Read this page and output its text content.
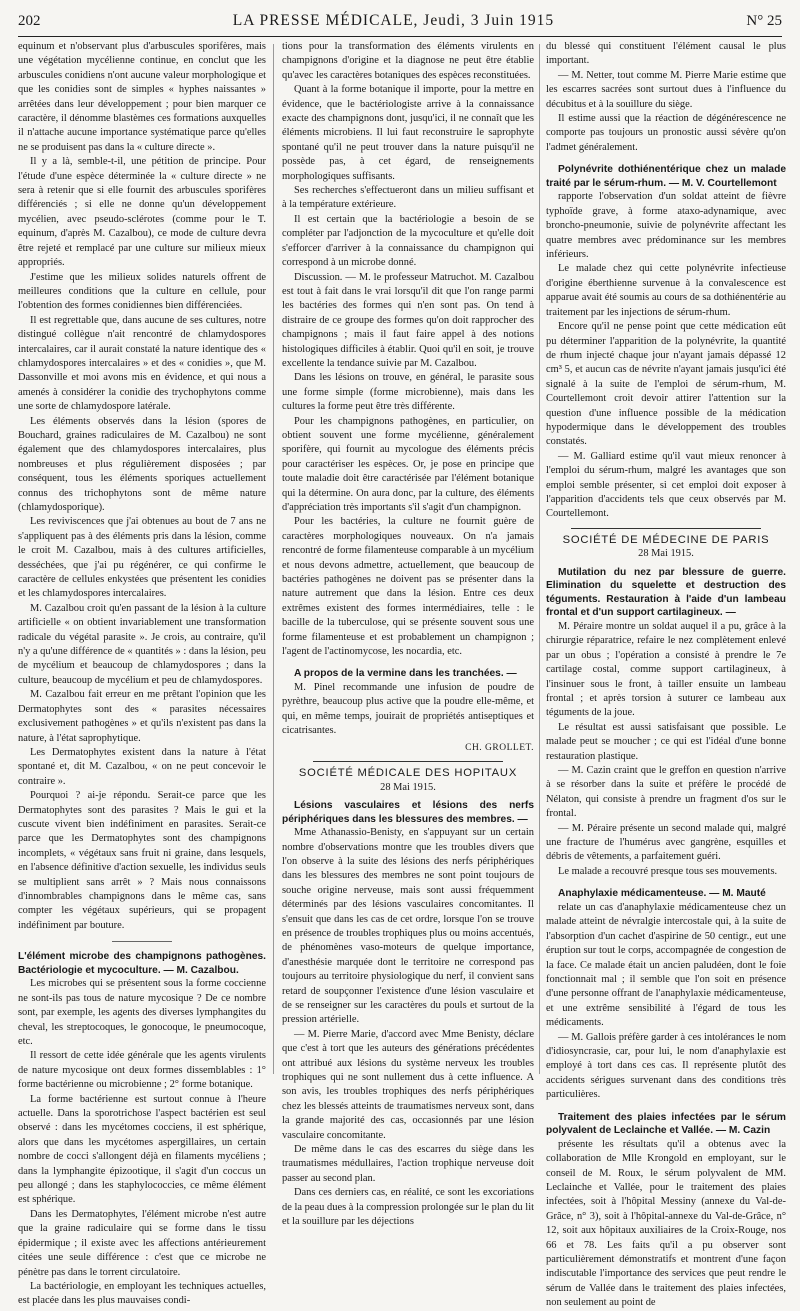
202	LA PRESSE MÉDICALE, Jeudi, 3 Juin 1915	N° 25

equinum et n'observant plus d'arbuscules sporifères, mais une végétation mycélienne continue, en conclut que les arbuscules conidiens n'ont aucune valeur morphologique et que les conidies sont de simples « hyphes naissantes » arrêtées dans leur développement ; pour bien marquer ce caractère, il dénomme blastèmes ces formations auxquelles il n'attache aucune importance systématique parce qu'elles ne se produisent pas dans la « culture directe ».

Il y a là, semble-t-il, une pétition de principe. Pour l'étude d'une espèce déterminée la « culture directe » ne sera à retenir que si elle fournit des arbuscules sporifères différenciés ; si elle ne donne qu'un développement mycélien, avec pseudo-sclérotes (comme pour le T. equinum, d'après M. Cazalbou), ce mode de culture devra être rejeté et remplacé par une culture sur milieux mieux appropriés.

J'estime que les milieux solides naturels offrent de meilleures conditions que la culture en cellule, pour l'obtention des formes conidiennes bien différenciées.

Il est regrettable que, dans aucune de ses cultures, notre distingué collègue n'ait rencontré de chlamydospores intercalaires, car il aurait constaté la nature identique des « chlamydospores intercalaires » et des « conidies », que M. Dassonville et moi avons mis en évidence, et qui nous a amenés à considérer la conidie des trychophytons comme une sorte de chlamydospore latérale.

Les éléments observés dans la lésion (spores de Bouchard, graines radiculaires de M. Cazalbou) ne sont également que des chlamydospores intercalaires, plus nombreuses et plus régulièrement disposées ; par conséquent, tous les éléments sporiques actuellement connus des trichophytons sont de même nature (chlamydosporique).

Les reviviscences que j'ai obtenues au bout de 7 ans ne s'appliquent pas à des éléments pris dans la lésion, comme le croit M. Cazalbou, mais à des cultures artificielles, desséchées, que j'ai pu régénérer, ce qui confirme le caractère de cellules enkystées que présentent les conidies et les chlamydospores intercalaires.

M. Cazalbou croit qu'en passant de la lésion à la culture artificielle « on obtient invariablement une transformation radicale du végétal parasite ». Je crois, au contraire, qu'il n'y a qu'une différence de « quantités » : dans la lésion, peu de mycélium et beaucoup de chlamydospores ; dans la culture, beaucoup de mycélium et peu de chlamydospores.

M. Cazalbou fait erreur en me prêtant l'opinion que les Dermatophytes sont des « parasites nécessaires exclusivement pathogènes » et qu'ils n'existent pas dans la nature, à l'état saprophytique.

Les Dermatophytes existent dans la nature à l'état spontané et, dit M. Cazalbou, « on ne peut concevoir le contraire ».

Pourquoi ? ai-je répondu. Serait-ce parce que les Dermatophytes sont des parasites ? Mais le gui et la cuscute vivent bien indéfiniment en parasites. Serait-ce parce que les Dermatophytes sont des champignons incomplets, « végétaux sans fruit ni graine, dans lesquels, en l'absence définitive d'action sexuelle, les individus seuls se multiplient sans arrêt » ? Mais nous connaissons d'innombrables champignons dans le même cas, sans compter les végétaux supérieurs, qui se propagent indéfiniment par bouture.

L'élément microbe des champignons pathogènes. Bactériologie et mycoculture. — M. Cazalbou.

Les microbes qui se présentent sous la forme coccienne ne sont-ils pas tous de nature mycosique ? De ce nombre sont, par exemple, les agents des diverses lymphangites du cheval, les streptocoques, le gonocoque, le pneumocoque, etc.

Il ressort de cette idée générale que les agents virulents de nature mycosique ont deux formes dissemblables : 1° forme bactérienne ou microbienne ; 2° forme botanique.

La forme bactérienne est surtout connue à l'heure actuelle. Dans la sporotrichose l'aspect bactérien est seul observé : dans les mycétomes cocciens, il est sphérique, alors que dans les mycétomes aspergillaires, un certain nombre de cocci s'allongent déjà en filaments mycéliens ; dans la lymphangite épizootique, il s'agit d'un coccus un peu allongé ; dans les staphylococcies, ce même élément est sphérique.

Dans les Dermatophytes, l'élément microbe n'est autre que la graine radiculaire qui se forme dans le tissu épidermique ; il existe avec les affections antérieurement citées une seule différence : c'est que ce microbe ne pénètre pas dans le torrent circulatoire.

La bactériologie, en employant les techniques actuelles, est placée dans les plus mauvaises condi-

tions pour la transformation des éléments virulents en champignons d'origine et la diagnose ne peut être établie qu'avec les caractères botaniques des espèces reconstituées.

Quant à la forme botanique il importe, pour la mettre en évidence, que le bactériologiste arrive à la connaissance exacte des champignons dont, jusqu'ici, il ne connaît que les éléments microbiens. Il lui faut reconstruire le saprophyte spontané qu'il ne peut trouver dans la nature puisqu'il ne possède pas, à cet égard, de renseignements morphologiques suffisants.

Ses recherches s'effectueront dans un milieu suffisant et à la température extérieure.

Il est certain que la bactériologie a besoin de se compléter par l'adjonction de la mycoculture et qu'elle doit s'efforcer d'arriver à la connaissance du champignon qui correspond à un microbe donné.

Discussion. — M. le professeur Matruchot. M. Cazalbou est tout à fait dans le vrai lorsqu'il dit que l'on range parmi les bactéries des formes qui n'en sont pas. On tend à distraire de ce groupe des formes qu'on doit rapprocher des champignons ; mais il faut faire appel à des notions histologiques difficiles à établir. Quoi qu'il en soit, je trouve excellente la tendance suivie par M. Cazalbou.

Dans les lésions on trouve, en général, le parasite sous une forme simple (forme microbienne), mais dans les cultures la forme peut être très différente.

Pour les champignons pathogènes, en particulier, on obtient souvent une forme mycélienne, généralement sporifère, qui fournit au mycologue des éléments précis pour caractériser les espèces. Or, je pose en principe que toute maladie doit être caractérisée par l'élément botanique qui la détermine. On aura donc, par la culture, des éléments d'appréciation très importants s'il s'agit d'un champignon.

Pour les bactéries, la culture ne fournit guère de caractères morphologiques nouveaux. On n'a jamais rencontré de forme filamenteuse comparable à un mycélium et nous devons admettre, actuellement, que beaucoup de bactéries pathogènes ne doivent pas se présenter dans la nature autrement que dans la lésion. Entre ces deux extrêmes existent des formes intermédiaires, telle : le bacille de la tuberculose, qui se présente souvent sous une forme filamenteuse et est probablement un champignon ; l'agent de l'actinomycose, les nocardia, etc.

A propos de la vermine dans les tranchées. —

M. Pinel recommande une infusion de poudre de pyrèthre, beaucoup plus active que la poudre elle-même, et qui, en même temps, jouirait de propriétés antiseptiques et cicatrisantes.

CH. GROLLET.
SOCIÉTÉ MÉDICALE DES HOPITAUX
28 Mai 1915.

Lésions vasculaires et lésions des nerfs périphériques dans les blessures des membres. —

Mme Athanassio-Benisty, en s'appuyant sur un certain nombre d'observations montre que les troubles divers que l'on observe à la suite des lésions des nerfs périphériques dans les blessures des membres ne sont point toujours de souche origine nerveuse, mais sont aussi fréquemment déterminés par des lésions vasculaires concomitantes. Il s'ensuit que dans les cas de cet ordre, lorsque l'on se trouve en présence de troubles trophiques plus ou moins accentués, de phénomènes vaso-moteurs de quelque importance, d'anesthésie marquée dont le territoire ne correspond pas toujours au territoire physiologique du nerf, il convient sans retard de soupçonner l'existence d'une lésion vasculaire et de se renseigner sur les caractères du pouls et surtout de la pression artérielle.

— M. Pierre Marie, d'accord avec Mme Benisty, déclare que c'est à tort que les auteurs des générations précédentes ont attribué aux lésions du système nerveux les troubles trophiques qui ne sont nullement dus à cette influence. A son avis, les troubles trophiques des nerfs périphériques chez les blessés atteints de traumatismes nerveux sont, dans la grande majorité des cas, occasionnés par une lésion vasculaire concomitante.

De même dans le cas des escarres du siège dans les traumatismes médullaires, l'action trophique nerveuse doit passer au second plan.

Dans ces derniers cas, en réalité, ce sont les excoriations de la peau dues à la compression prolongée sur le plan du lit et la souillure par les déjections

du blessé qui constituent l'élément causal le plus important.

— M. Netter, tout comme M. Pierre Marie estime que les escarres sacrées sont surtout dues à l'influence du décubitus et à la souillure du siège.

Il estime aussi que la réaction de dégénérescence ne comporte pas toujours un pronostic aussi sévère qu'on l'admet généralement.

Polynévrite dothiénentérique chez un malade traité par le sérum-rhum. — M. V. Courtellemont

rapporte l'observation d'un soldat atteint de fièvre typhoïde grave, à forme ataxo-adynamique, avec broncho-pneumonie, suivie de polynévrite affectant les quatre membres avec prédominance sur les membres inférieurs.

Le malade chez qui cette polynévrite infectieuse d'origine éberthienne survenue à la convalescence est apparue avait été soumis au cours de sa dothiénentérie au traitement par les injections de sérum-rhum.

Encore qu'il ne pense point que cette médication eût pu déterminer l'apparition de la polynévrite, la quantité de rhum injecté chaque jour n'ayant jamais dépassé 12 cm³ 5, et aucun cas de névrite n'ayant jamais jusqu'ici été signalé à la suite de l'emploi de sérum-rhum, M. Courtellemont croit devoir attirer l'attention sur la question d'une influence possible de la médication hypodermique dans le développement des troubles constatés.

— M. Galliard estime qu'il vaut mieux renoncer à l'emploi du sérum-rhum, malgré les avantages que son emploi semble présenter, si cet emploi doit exposer à l'apparition d'accidents tels que ceux observés par M. Courtellemont.

SOCIÉTÉ DE MÉDECINE DE PARIS
28 Mai 1915.

Mutilation du nez par blessure de guerre. Elimination du squelette et destruction des téguments. Restauration à l'aide d'un lambeau frontal et d'un support cartilagineux. —

M. Péraire montre un soldat auquel il a pu, grâce à la chirurgie réparatrice, refaire le nez complètement enlevé par un obus ; l'opération a consisté à prendre le 7e cartilage costal, comme support cartilagineux, à l'insinuer sous le front, à tailler ensuite un lambeau frontal ; et après torsion à suturer ce lambeau aux téguments de la joue.

Le résultat est aussi satisfaisant que possible. Le malade peut se moucher ; ce qui est l'idéal d'une bonne restauration plastique.

— M. Cazin craint que le greffon en question n'arrive à se résorber dans la suite et préfère le procédé de Nélaton, qui consiste à prendre un fragment d'os sur le frontal.

— M. Péraire présente un second malade qui, malgré une fracture de l'humérus avec gangrène, esquilles et débris de vêtements, a parfaitement guéri.

Le malade a recouvré presque tous ses mouvements.

Anaphylaxie médicamenteuse. — M. Mauté

relate un cas d'anaphylaxie médicamenteuse chez un malade atteint de névralgie intercostale qui, à la suite de l'absorption d'un cachet d'aspirine de 50 centigr., eut une éruption sur tout le corps, accompagnée de congestion de la face. Ce malade était un ancien paludéen, dont le foie fonctionnait mal ; il semble que l'on soit en présence d'une personne offrant de l'anaphylaxie médicamenteuse, et une extrême sensibilité à l'égard de tous les médicaments.

— M. Gallois préfère garder à ces intolérances le nom d'idiosyncrasie, car, pour lui, le nom d'anaphylaxie est employé à tort dans ces cas. Il représente plutôt des accidents sérigues survenant dans des conditions très particulières.

Traitement des plaies infectées par le sérum polyvalent de Leclainche et Vallée. — M. Cazin

présente les résultats qu'il a obtenus avec la collaboration de Mlle Krongold en employant, sur le conseil de M. Roux, le sérum polyvalent de MM. Leclainche et Vallée, pour le traitement des plaies infectées, soit à l'hôpital Messiny (annexe du Val-de-Grâce, n° 3), soit à l'hôpital-annexe du Val-de-Grâce, n° 12, soit aux hôpitaux auxiliaires de la Croix-Rouge, nos 66 et 78. Les faits qu'il a pu observer sont particulièrement démonstratifs et montrent d'une façon indiscutable l'importance des services que peut rendre le sérum de Vallée dans le traitement des plaies infectées, non seulement au point de
